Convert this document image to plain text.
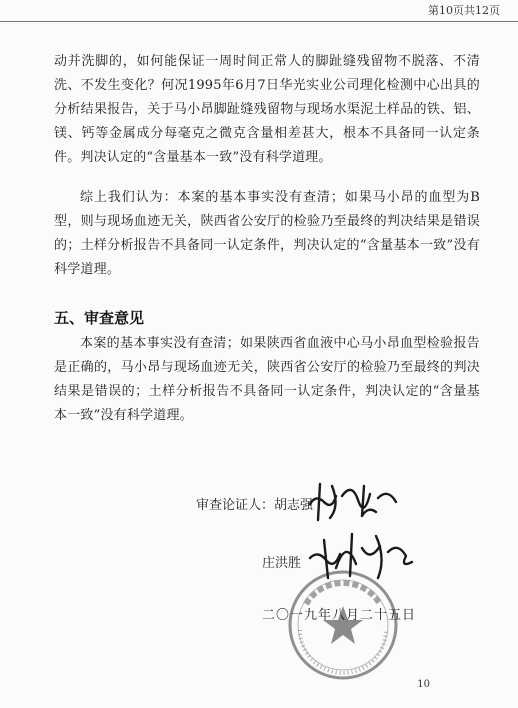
第10页共12页

动并洗脚的，如何能保证一周时间正常人的脚趾缝残留物不脱落、不清洗、不发生变化？何况1995年6月7日华光实业公司理化检测中心出具的分析结果报告，关于马小昂脚趾缝残留物与现场水渠泥土样品的铁、铝、镁、钙等金属成分每毫克之微克含量相差甚大，根本不具备同一认定条件。判决认定的“含量基本一致”没有科学道理。

综上我们认为：本案的基本事实没有查清；如果马小昂的血型为B型，则与现场血迹无关，陕西省公安厅的检验乃至最终的判决结果是错误的；土样分析报告不具备同一认定条件，判决认定的“含量基本一致”没有科学道理。

五、审查意见

本案的基本事实没有查清；如果陕西省血液中心马小昂血型检验报告是正确的，马小昂与现场血迹无关，陕西省公安厅的检验乃至最终的判决结果是错误的；土样分析报告不具备同一认定条件，判决认定的“含量基本一致”没有科学道理。

审查论证人：胡志强
庄洪胜
二〇一九年八月二十五日
10
